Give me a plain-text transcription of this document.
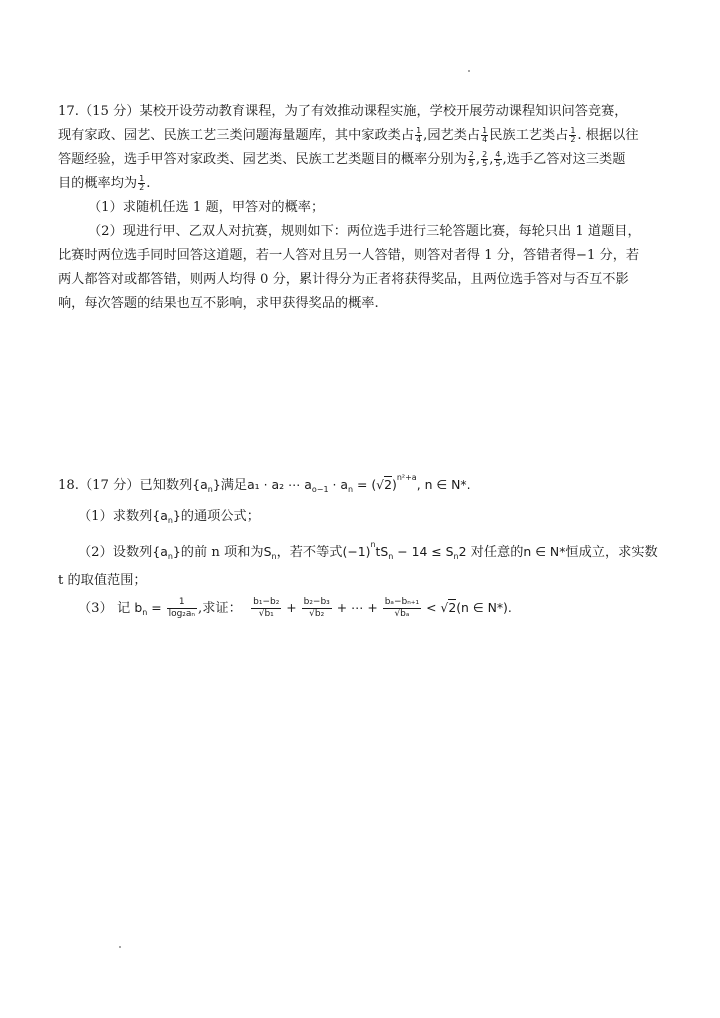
17.（15 分）某校开设劳动教育课程，为了有效推动课程实施，学校开展劳动课程知识问答竞赛，
现有家政、园艺、民族工艺三类问题海量题库，其中家政类占 $\frac{1}{4}$ ,园艺类占 $\frac{1}{4}$ 民族工艺类占 $\frac{1}{2}$ . 根据以往
答题经验，选手甲答对家政类、园艺类、民族工艺类题目的概率分别为 $\frac{2}{5}$ , $\frac{2}{5}$ , $\frac{4}{5}$ ,选手乙答对这三类题
目的概率均为 $\frac{1}{2}$ .
（1）求随机任选 1 题，甲答对的概率；
（2）现进行甲、乙双人对抗赛，规则如下：两位选手进行三轮答题比赛，每轮只出 1 道题目，
比赛时两位选手同时回答这道题，若一人答对且另一人答错，则答对者得 1 分，答错者得−1 分，若
两人都答对或都答错，则两人均得 0 分，累计得分为正者将获得奖品，且两位选手答对与否互不影
响，每次答题的结果也互不影响，求甲获得奖品的概率.
18.（17 分）已知数列$\{a_n\}$满足a₁ · a₂ ⋯ $a_{o-1} \cdot a_n = (√2)^{n^2+a}$, n ∈ N*.
（1）求数列$\{a_n\}$的通项公式；
（2）设数列$\{a_n\}$的前 n 项和为$S_n$，若不等式$(-1)^ntS_n - 14 \le S_n2$ 对任意的n ∈ N*恒成立，求实数
t 的取值范围；
（3） 记 $b_n = \frac{1}{\text{log₂aₙ}}$ ,求证： $\frac{\text{b₁−b₂}}{\text{√b₁}} + \frac{\text{b₂−b₃}}{\text{√b₂}}$ + ⋯ + $\frac{\text{bₐ−bₙ₊₁}}{\text{√bₐ}} < √2(n$ ∈ N*).
